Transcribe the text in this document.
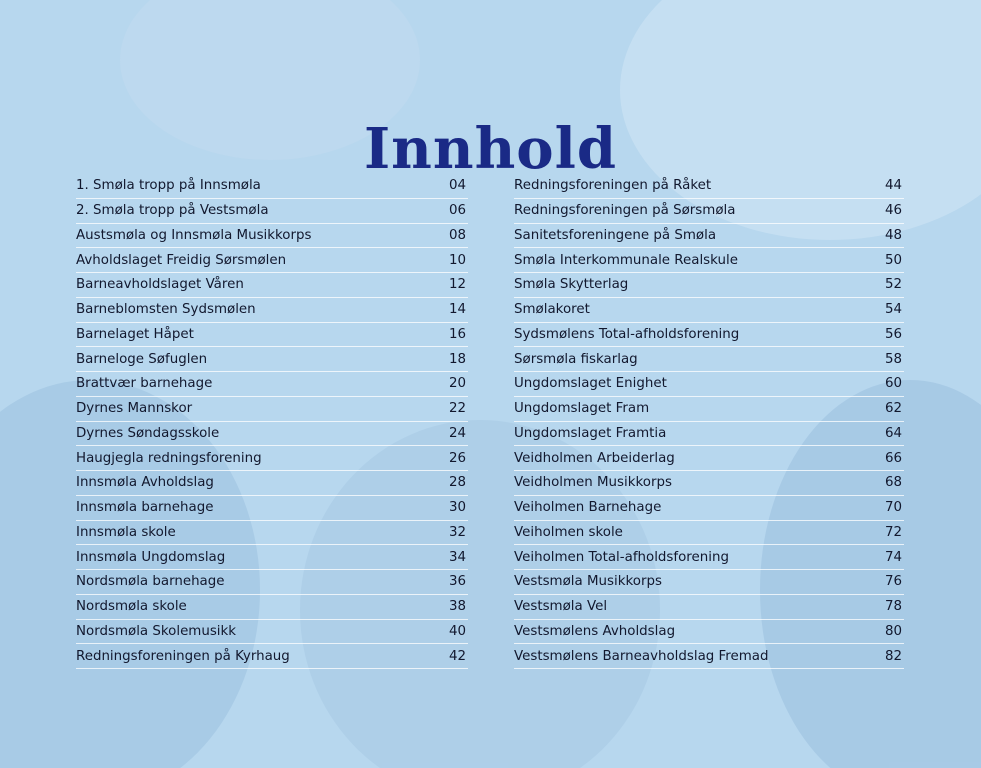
Innhold
1. Smøla tropp på Innsmøla	04
2. Smøla tropp på Vestsmøla	06
Austsmøla og Innsmøla Musikkorps	08
Avholdslaget Freidig Sørsmølen	10
Barneavholdslaget Våren	12
Barneblomsten Sydsmølen	14
Barnelaget Håpet	16
Barneloge Søfuglen	18
Brattvær barnehage	20
Dyrnes Mannskor	22
Dyrnes Søndagsskole	24
Haugjegla redningsforening	26
Innsmøla Avholdslag	28
Innsmøla barnehage	30
Innsmøla skole	32
Innsmøla Ungdomslag	34
Nordsmøla barnehage	36
Nordsmøla skole	38
Nordsmøla Skolemusikk	40
Redningsforeningen på Kyrhaug	42
Redningsforeningen på Råket	44
Redningsforeningen på Sørsmøla	46
Sanitetsforeningene på Smøla	48
Smøla Interkommunale Realskule	50
Smøla Skytterlag	52
Smølakoret	54
Sydsmølens Total-afholdsforening	56
Sørsmøla fiskarlag	58
Ungdomslaget Enighet	60
Ungdomslaget Fram	62
Ungdomslaget Framtia	64
Veidholmen Arbeiderlag	66
Veidholmen Musikkorps	68
Veiholmen Barnehage	70
Veiholmen skole	72
Veiholmen Total-afholdsforening	74
Vestsmøla Musikkorps	76
Vestsmøla Vel	78
Vestsmølens Avholdslag	80
Vestsmølens Barneavholdslag Fremad	82
